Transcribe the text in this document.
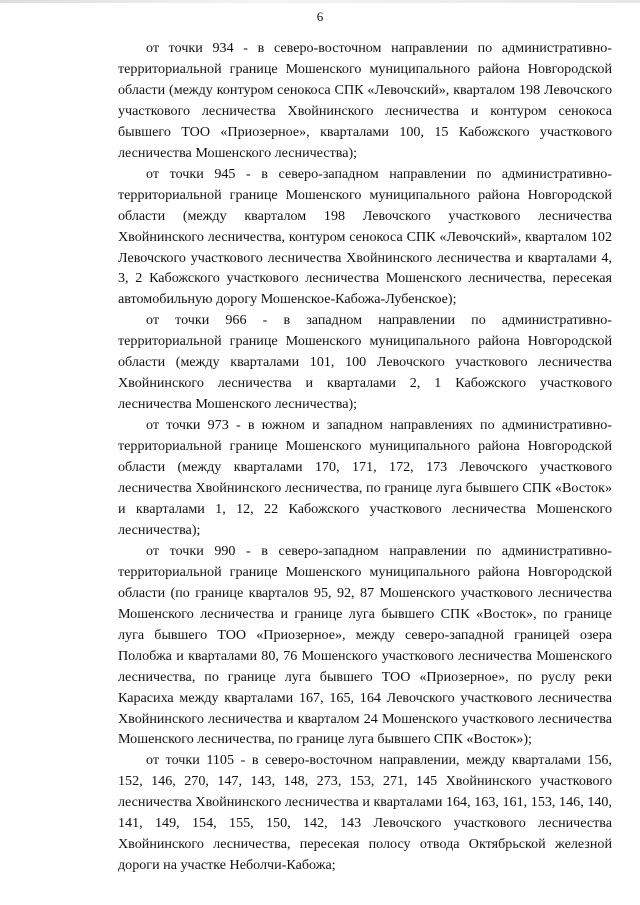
6

от точки 934 - в северо-восточном направлении по административно-территориальной границе Мошенского муниципального района Новгородской области (между контуром сенокоса СПК «Левочский», кварталом 198 Левочского участкового лесничества Хвойнинского лесничества и контуром сенокоса бывшего ТОО «Приозерное», кварталами 100, 15 Кабожского участкового лесничества Мошенского лесничества);

от точки 945 - в северо-западном направлении по административно-территориальной границе Мошенского муниципального района Новгородской области (между кварталом 198 Левочского участкового лесничества Хвойнинского лесничества, контуром сенокоса СПК «Левочский», кварталом 102 Левочского участкового лесничества Хвойнинского лесничества и кварталами 4, 3, 2 Кабожского участкового лесничества Мошенского лесничества, пересекая автомобильную дорогу Мошенское-Кабожа-Лубенское);

от точки 966 - в западном направлении по административно-территориальной границе Мошенского муниципального района Новгородской области (между кварталами 101, 100 Левочского участкового лесничества Хвойнинского лесничества и кварталами 2, 1 Кабожского участкового лесничества Мошенского лесничества);

от точки 973 - в южном и западном направлениях по административно-территориальной границе Мошенского муниципального района Новгородской области (между кварталами 170, 171, 172, 173 Левочского участкового лесничества Хвойнинского лесничества, по границе луга бывшего СПК «Восток» и кварталами 1, 12, 22 Кабожского участкового лесничества Мошенского лесничества);

от точки 990 - в северо-западном направлении по административно-территориальной границе Мошенского муниципального района Новгородской области (по границе кварталов 95, 92, 87 Мошенского участкового лесничества Мошенского лесничества и границе луга бывшего СПК «Восток», по границе луга бывшего ТОО «Приозерное», между северо-западной границей озера Полобжа и кварталами 80, 76 Мошенского участкового лесничества Мошенского лесничества, по границе луга бывшего ТОО «Приозерное», по руслу реки Карасиха между кварталами 167, 165, 164 Левочского участкового лесничества Хвойнинского лесничества и кварталом 24 Мошенского участкового лесничества Мошенского лесничества, по границе луга бывшего СПК «Восток»);

от точки 1105 - в северо-восточном направлении, между кварталами 156, 152, 146, 270, 147, 143, 148, 273, 153, 271, 145 Хвойнинского участкового лесничества Хвойнинского лесничества и кварталами 164, 163, 161, 153, 146, 140, 141, 149, 154, 155, 150, 142, 143 Левочского участкового лесничества Хвойнинского лесничества, пересекая полосу отвода Октябрьской железной дороги на участке Неболчи-Кабожа;
